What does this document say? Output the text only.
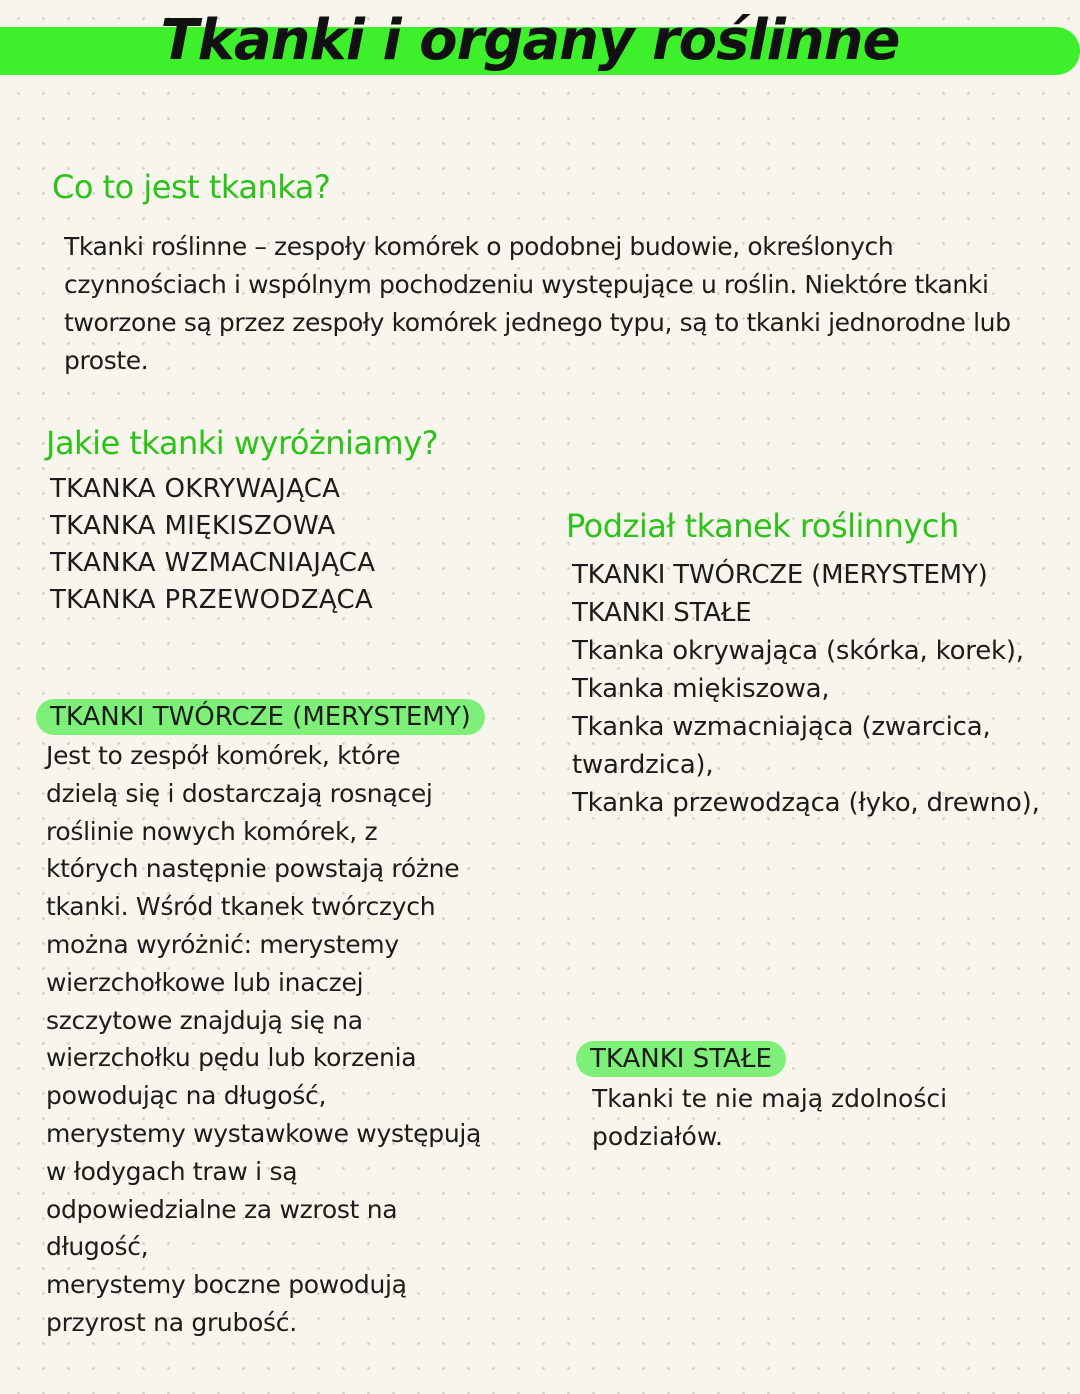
Tkanki i organy roślinne
Co to jest tkanka?
Tkanki roślinne – zespoły komórek o podobnej budowie, określonych
czynnościach i wspólnym pochodzeniu występujące u roślin. Niektóre tkanki
tworzone są przez zespoły komórek jednego typu, są to tkanki jednorodne lub
proste.
Jakie tkanki wyróżniamy?
TKANKA OKRYWAJĄCA
TKANKA MIĘKISZOWA
TKANKA WZMACNIAJĄCA
TKANKA PRZEWODZĄCA
Podział tkanek roślinnych
TKANKI TWÓRCZE (MERYSTEMY)
TKANKI STAŁE
Tkanka okrywająca (skórka, korek),
Tkanka miękiszowa,
Tkanka wzmacniająca (zwarcica,
twardzica),
Tkanka przewodząca (łyko, drewno),
TKANKI TWÓRCZE (MERYSTEMY)
Jest to zespół komórek, które
dzielą się i dostarczają rosnącej
roślinie nowych komórek, z
których następnie powstają różne
tkanki. Wśród tkanek twórczych
można wyróżnić: merystemy
wierzchołkowe lub inaczej
szczytowe znajdują się na
wierzchołku pędu lub korzenia
powodując na długość,
merystemy wystawkowe występują
w łodygach traw i są
odpowiedzialne za wzrost na
długość,
merystemy boczne powodują
przyrost na grubość.
TKANKI STAŁE
Tkanki te nie mają zdolności
podziałów.
